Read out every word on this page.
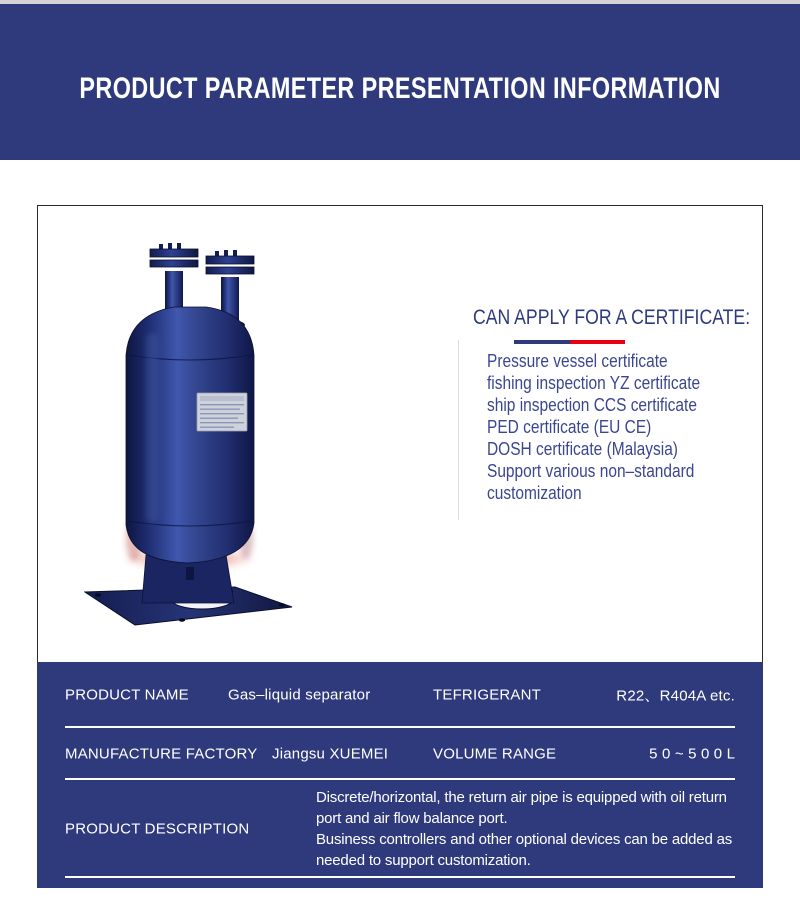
PRODUCT PARAMETER PRESENTATION INFORMATION
CAN APPLY FOR A CERTIFICATE:
Pressure vessel certificate
fishing inspection YZ certificate
ship inspection CCS certificate
PED certificate (EU CE)
DOSH certificate (Malaysia)
Support various non–standard customization
PRODUCT NAME	Gas–liquid separator	TEFRIGERANT	R22、R404A etc.
MANUFACTURE FACTORY Jiangsu XUEMEI	VOLUME RANGE	50~500L
PRODUCT DESCRIPTION

Discrete/horizontal, the return air pipe is equipped with oil return port and air flow balance port.

Business controllers and other optional devices can be added as needed to support customization.
